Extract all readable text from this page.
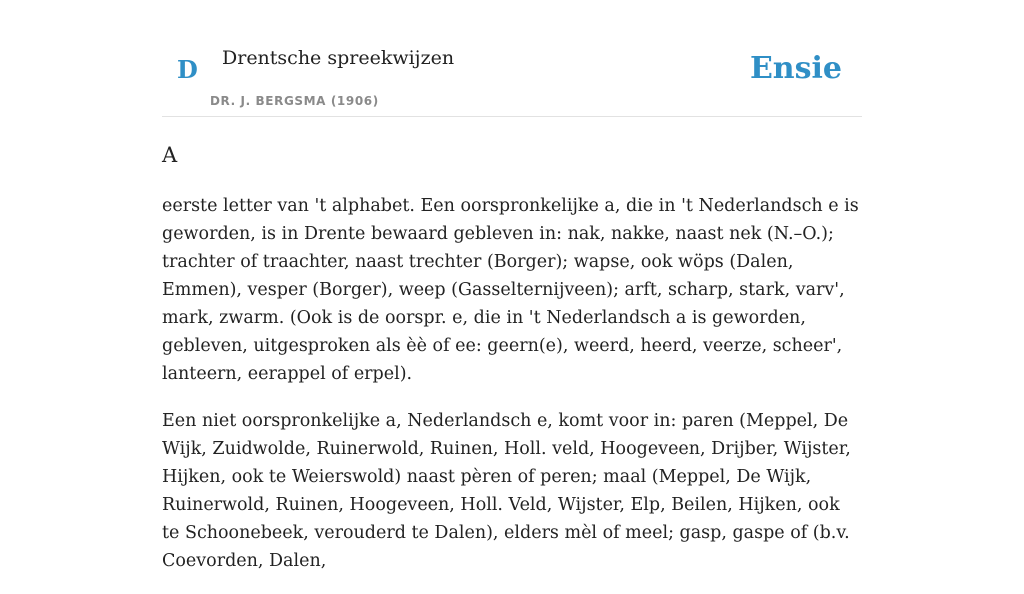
D Drentsche spreekwijzen
DR. J. BERGSMA (1906)
Ensie
A

eerste letter van 't alphabet. Een oorspronkelijke a, die in 't Nederlandsch e is geworden, is in Drente bewaard gebleven in: nak, nakke, naast nek (N.–O.); trachter of traachter, naast trechter (Borger); wapse, ook wöps (Dalen, Emmen), vesper (Borger), weep (Gasselternijveen); arft, scharp, stark, varv', mark, zwarm. (Ook is de oorspr. e, die in 't Nederlandsch a is geworden, gebleven, uitgesproken als èè of ee: geern(e), weerd, heerd, veerze, scheer', lanteern, eerappel of erpel).

Een niet oorspronkelijke a, Nederlandsch e, komt voor in: paren (Meppel, De Wijk, Zuidwolde, Ruinerwold, Ruinen, Holl. veld, Hoogeveen, Drijber, Wijster, Hijken, ook te Weierswold) naast pèren of peren; maal (Meppel, De Wijk, Ruinerwold, Ruinen, Hoogeveen, Holl. Veld, Wijster, Elp, Beilen, Hijken, ook te Schoonebeek, verouderd te Dalen), elders mèl of meel; gasp, gaspe of (b.v. Coevorden, Dalen,
